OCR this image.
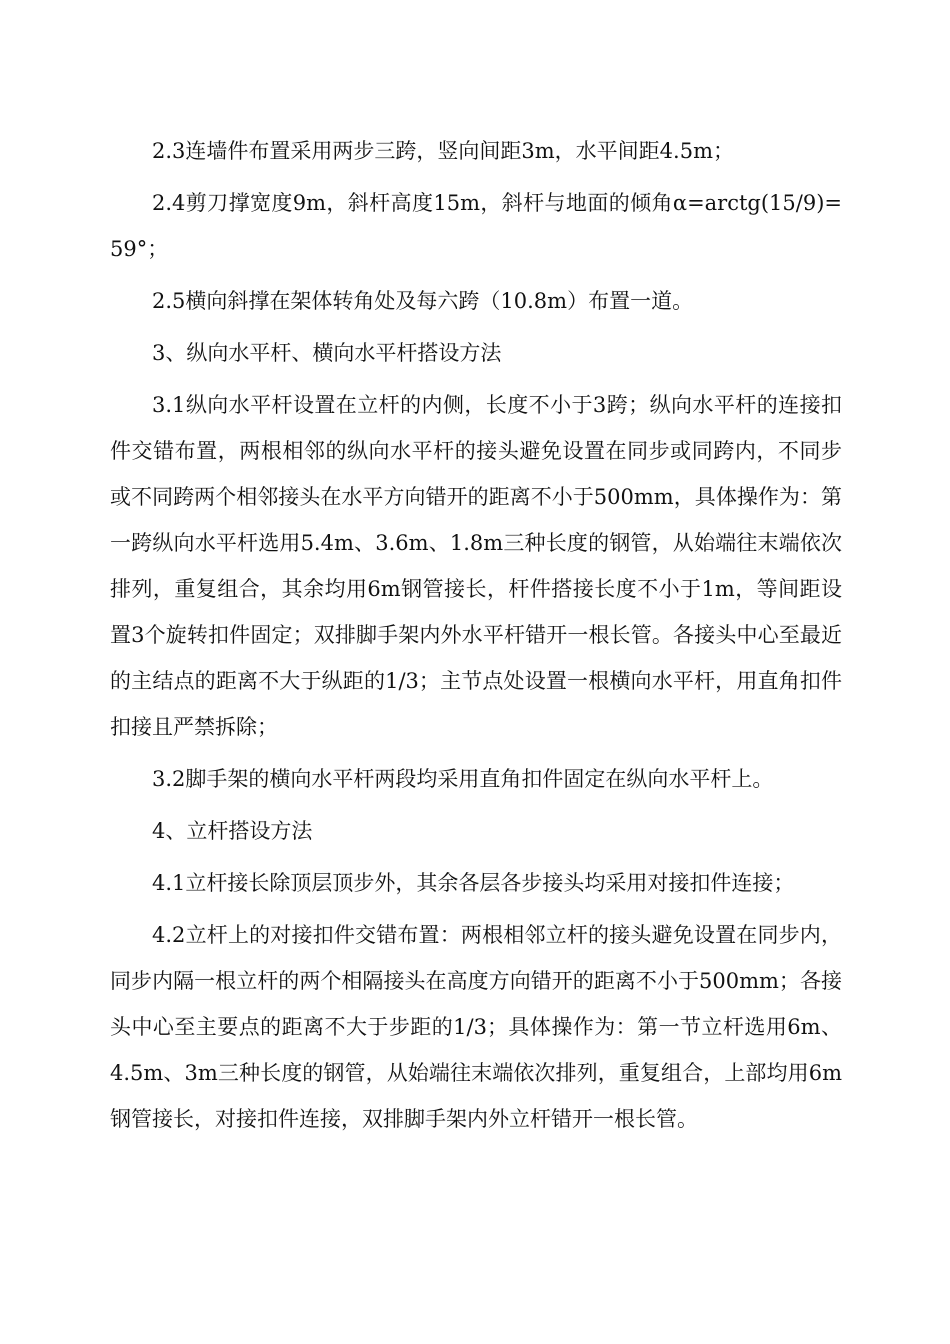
2.3连墙件布置采用两步三跨，竖向间距3m，水平间距4.5m；

2.4剪刀撑宽度9m，斜杆高度15m，斜杆与地面的倾角α=arctg(15/9)=59°；

2.5横向斜撑在架体转角处及每六跨（10.8m）布置一道。

3、纵向水平杆、横向水平杆搭设方法

3.1纵向水平杆设置在立杆的内侧，长度不小于3跨；纵向水平杆的连接扣件交错布置，两根相邻的纵向水平杆的接头避免设置在同步或同跨内，不同步或不同跨两个相邻接头在水平方向错开的距离不小于500mm，具体操作为：第一跨纵向水平杆选用5.4m、3.6m、1.8m三种长度的钢管，从始端往末端依次排列，重复组合，其余均用6m钢管接长，杆件搭接长度不小于1m，等间距设置3个旋转扣件固定；双排脚手架内外水平杆错开一根长管。各接头中心至最近的主结点的距离不大于纵距的1/3；主节点处设置一根横向水平杆，用直角扣件扣接且严禁拆除；

3.2脚手架的横向水平杆两段均采用直角扣件固定在纵向水平杆上。

4、立杆搭设方法

4.1立杆接长除顶层顶步外，其余各层各步接头均采用对接扣件连接；

4.2立杆上的对接扣件交错布置：两根相邻立杆的接头避免设置在同步内，同步内隔一根立杆的两个相隔接头在高度方向错开的距离不小于500mm；各接头中心至主要点的距离不大于步距的1/3；具体操作为：第一节立杆选用6m、4.5m、3m三种长度的钢管，从始端往末端依次排列，重复组合，上部均用6m钢管接长，对接扣件连接，双排脚手架内外立杆错开一根长管。
